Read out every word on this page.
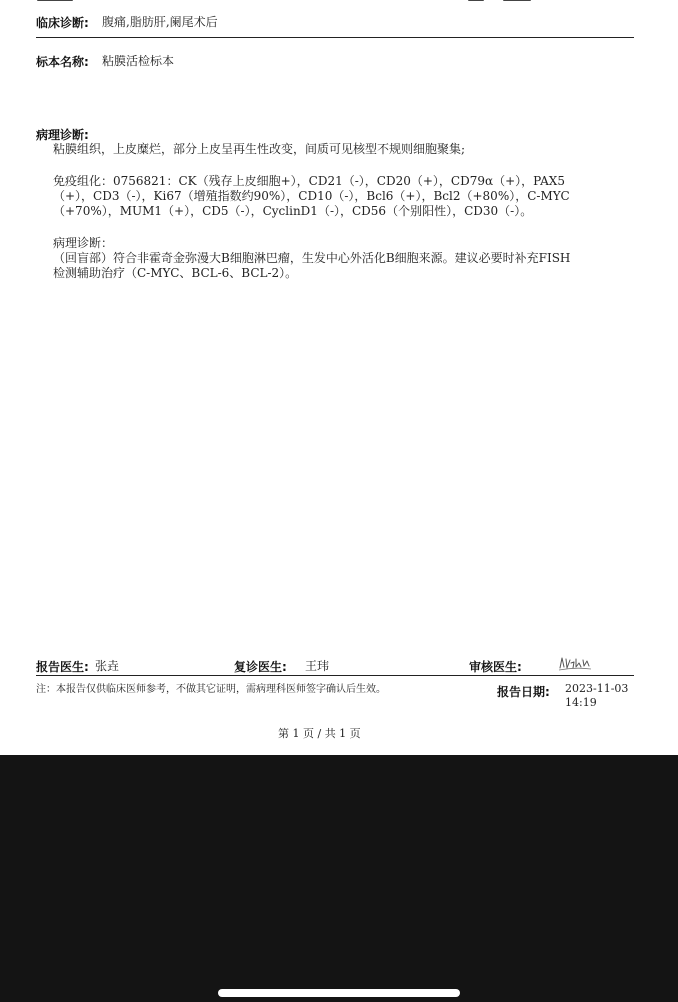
临床诊断: 腹痛,脂肪肝,阑尾术后
标本名称: 粘膜活检标本
病理诊断:
粘膜组织，上皮糜烂，部分上皮呈再生性改变，间质可见核型不规则细胞聚集;
免疫组化：0756821：CK（残存上皮细胞+），CD21（-），CD20（+），CD79α（+），PAX5
（+），CD3（-），Ki67（增殖指数约90%），CD10（-），Bcl6（+），Bcl2（+80%），C-MYC
（+70%），MUM1（+），CD5（-），CyclinD1（-），CD56（个别阳性），CD30（-）。
病理诊断：
（回盲部）符合非霍奇金弥漫大B细胞淋巴瘤，生发中心外活化B细胞来源。建议必要时补充FISH
检测辅助治疗（C-MYC、BCL-6、BCL-2）。
报告医生: 张垚	复诊医生: 王玮	审核医生:
注：本报告仅供临床医师参考，不做其它证明，需病理科医师签字确认后生效。	报告日期: 2023-11-03
14:19
第 1 页 / 共 1 页
